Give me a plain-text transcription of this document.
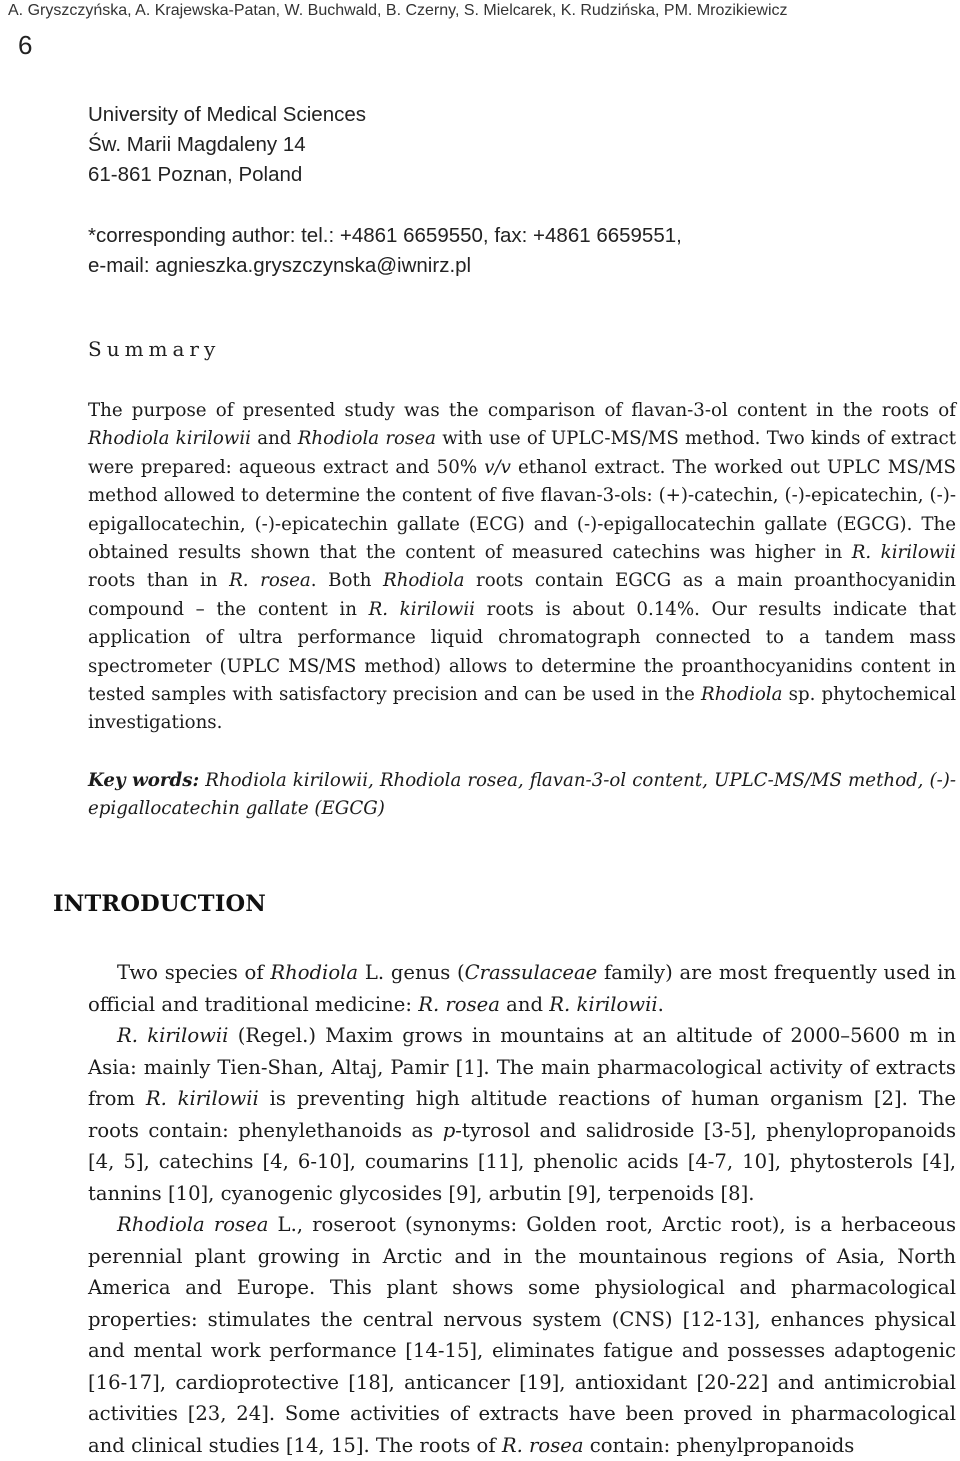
A. Gryszczyńska, A. Krajewska-Patan, W. Buchwald, B. Czerny, S. Mielcarek, K. Rudzińska, PM. Mrozikiewicz
6
University of Medical Sciences
Św. Marii Magdaleny 14
61-861 Poznan, Poland
*corresponding author: tel.: +4861 6659550, fax: +4861 6659551,
e-mail: agnieszka.gryszczynska@iwnirz.pl
Summary

The purpose of presented study was the comparison of flavan-3-ol content in the roots of Rhodiola kirilowii and Rhodiola rosea with use of UPLC-MS/MS method. Two kinds of extract were prepared: aqueous extract and 50% v/v ethanol extract. The worked out UPLC MS/MS method allowed to determine the content of five flavan-3-ols: (+)-catechin, (-)-epicatechin, (-)-epigallocatechin, (-)-epicatechin gallate (ECG) and (-)-epigallocatechin gallate (EGCG). The obtained results shown that the content of measured catechins was higher in R. kirilowii roots than in R. rosea. Both Rhodiola roots contain EGCG as a main proanthocyanidin compound – the content in R. kirilowii roots is about 0.14%. Our results indicate that application of ultra performance liquid chromatograph connected to a tandem mass spectrometer (UPLC MS/MS method) allows to determine the proanthocyanidins content in tested samples with satisfactory precision and can be used in the Rhodiola sp. phytochemical investigations.

Key words: Rhodiola kirilowii, Rhodiola rosea, flavan-3-ol content, UPLC-MS/MS method, (-)-epigallocatechin gallate (EGCG)

INTRODUCTION

Two species of Rhodiola L. genus (Crassulaceae family) are most frequently used in official and traditional medicine: R. rosea and R. kirilowii.

R. kirilowii (Regel.) Maxim grows in mountains at an altitude of 2000–5600 m in Asia: mainly Tien-Shan, Altaj, Pamir [1]. The main pharmacological activity of extracts from R. kirilowii is preventing high altitude reactions of human organism [2]. The roots contain: phenylethanoids as p-tyrosol and salidroside [3-5], phenylopropanoids [4, 5], catechins [4, 6-10], coumarins [11], phenolic acids [4-7, 10], phytosterols [4], tannins [10], cyanogenic glycosides [9], arbutin [9], terpenoids [8].

Rhodiola rosea L., roseroot (synonyms: Golden root, Arctic root), is a herbaceous perennial plant growing in Arctic and in the mountainous regions of Asia, North America and Europe. This plant shows some physiological and pharmacological properties: stimulates the central nervous system (CNS) [12-13], enhances physical and mental work performance [14-15], eliminates fatigue and possesses adaptogenic [16-17], cardioprotective [18], anticancer [19], antioxidant [20-22] and antimicrobial activities [23, 24]. Some activities of extracts have been proved in pharmacological and clinical studies [14, 15]. The roots of R. rosea contain: phenylpropanoids
